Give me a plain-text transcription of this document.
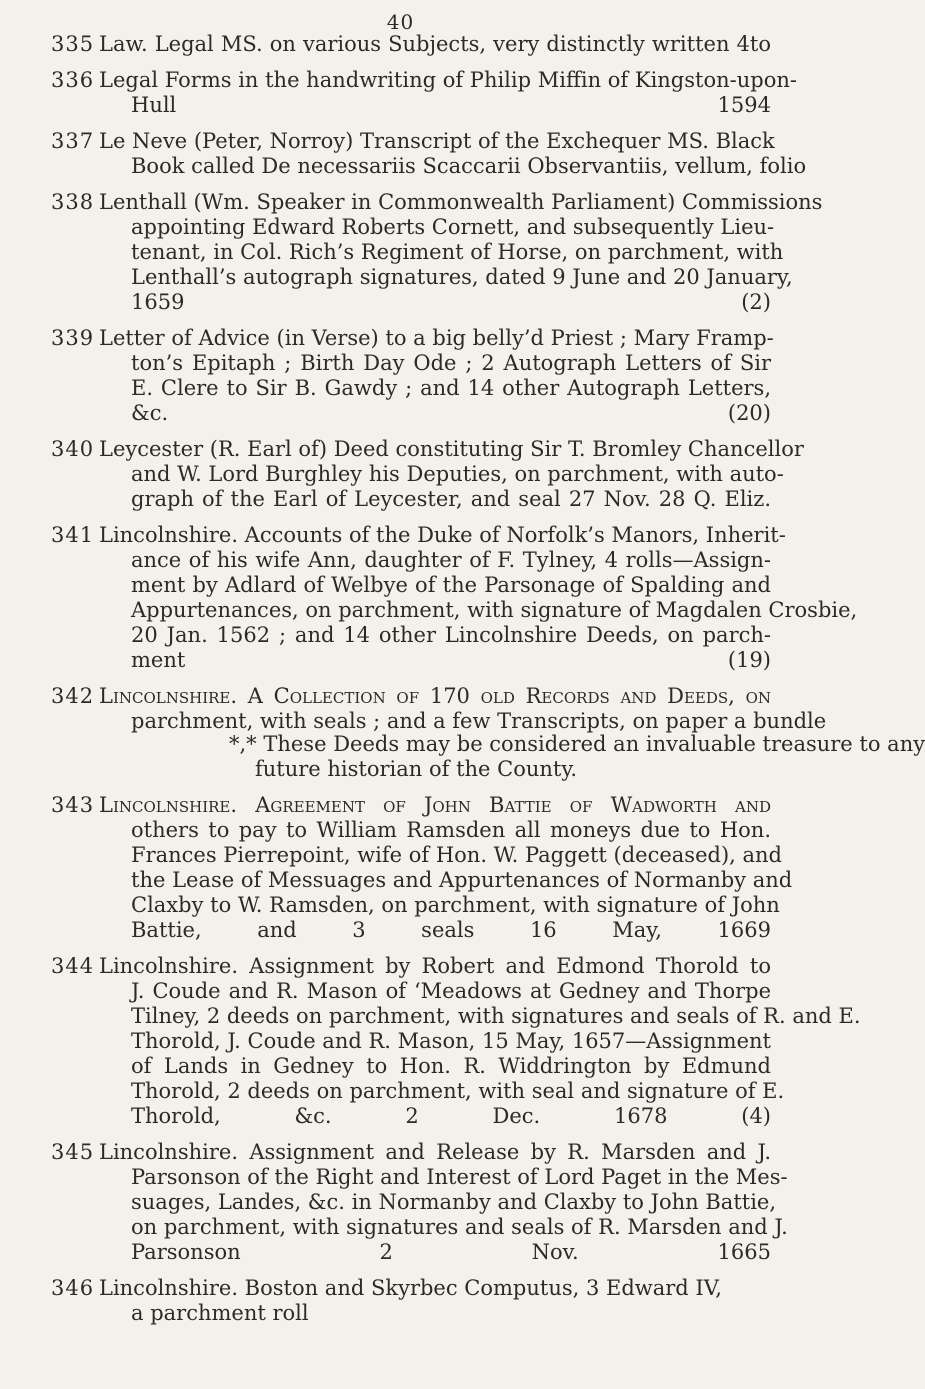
40
335 Law. Legal MS. on various Subjects, very distinctly written 4to
336 Legal Forms in the handwriting of Philip Miffin of Kingston-upon-
Hull 1594
337 Le Neve (Peter, Norroy) Transcript of the Exchequer MS. Black
Book called De necessariis Scaccarii Observantiis, vellum, folio
338 Lenthall (Wm. Speaker in Commonwealth Parliament) Commissions
appointing Edward Roberts Cornett, and subsequently Lieu-
tenant, in Col. Rich’s Regiment of Horse, on parchment, with
Lenthall’s autograph signatures, dated 9 June and 20 January,
1659 (2)
339 Letter of Advice (in Verse) to a big belly’d Priest ; Mary Framp-
ton’s Epitaph ; Birth Day Ode ; 2 Autograph Letters of Sir
E. Clere to Sir B. Gawdy ; and 14 other Autograph Letters,
&c. (20)
340 Leycester (R. Earl of) Deed constituting Sir T. Bromley Chancellor
and W. Lord Burghley his Deputies, on parchment, with auto-
graph of the Earl of Leycester, and seal 27 Nov. 28 Q. Eliz.
341 Lincolnshire. Accounts of the Duke of Norfolk’s Manors, Inherit-
ance of his wife Ann, daughter of F. Tylney, 4 rolls—Assign-
ment by Adlard of Welbye of the Parsonage of Spalding and
Appurtenances, on parchment, with signature of Magdalen Crosbie,
20 Jan. 1562 ; and 14 other Lincolnshire Deeds, on parch-
ment (19)
342 Lincolnshire. A Collection of 170 old Records and Deeds, on
parchment, with seals ; and a few Transcripts, on paper a bundle
*,* These Deeds may be considered an invaluable treasure to any
future historian of the County.
343 Lincolnshire. Agreement of John Battie of Wadworth and
others to pay to William Ramsden all moneys due to Hon.
Frances Pierrepoint, wife of Hon. W. Paggett (deceased), and
the Lease of Messuages and Appurtenances of Normanby and
Claxby to W. Ramsden, on parchment, with signature of John
Battie, and 3 seals 16 May, 1669
344 Lincolnshire. Assignment by Robert and Edmond Thorold to
J. Coude and R. Mason of ‘Meadows at Gedney and Thorpe
Tilney, 2 deeds on parchment, with signatures and seals of R. and E.
Thorold, J. Coude and R. Mason, 15 May, 1657—Assignment
of Lands in Gedney to Hon. R. Widdrington by Edmund
Thorold, 2 deeds on parchment, with seal and signature of E.
Thorold, &c. 2 Dec. 1678 (4)
345 Lincolnshire. Assignment and Release by R. Marsden and J.
Parsonson of the Right and Interest of Lord Paget in the Mes-
suages, Landes, &c. in Normanby and Claxby to John Battie,
on parchment, with signatures and seals of R. Marsden and J.
Parsonson 2 Nov. 1665
346 Lincolnshire. Boston and Skyrbec Computus, 3 Edward IV,
a parchment roll
